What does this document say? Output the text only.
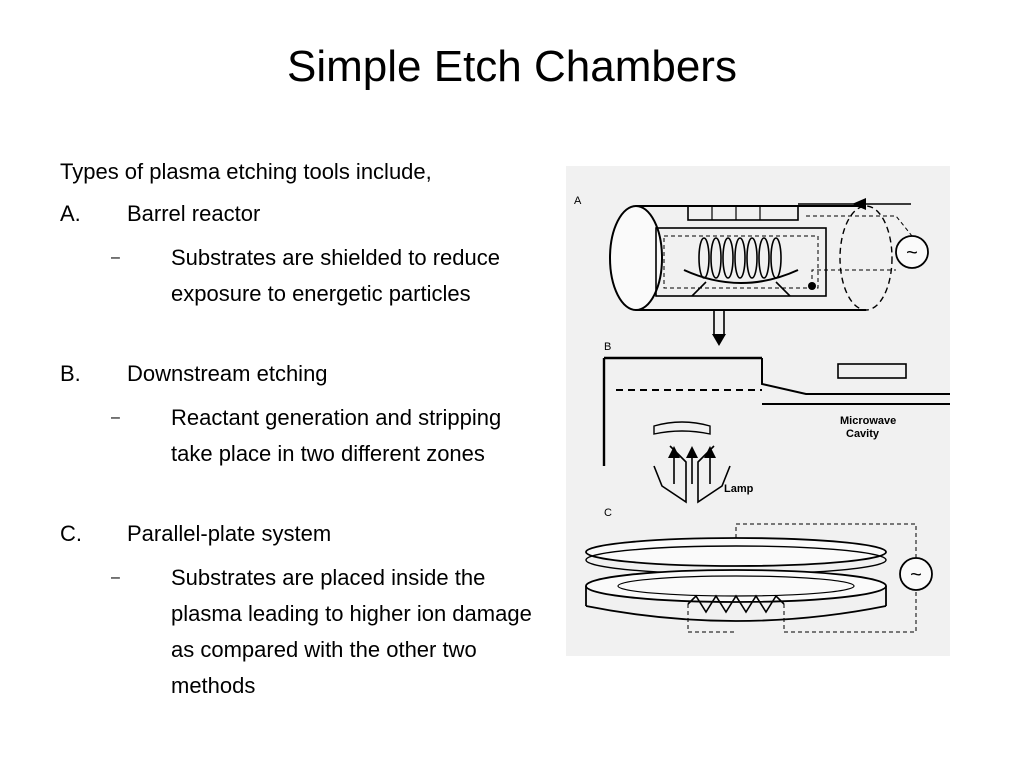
Simple Etch Chambers
Types of plasma etching tools include,
A. Barrel reactor
– Substrates are shielded to reduce exposure to energetic particles
B. Downstream etching
– Reactant generation and stripping take place in two different zones
C. Parallel-plate system
– Substrates are placed inside the plasma leading to higher ion damage as compared with the other two methods
A
~
B
Microwave
Cavity
Lamp
C
~
